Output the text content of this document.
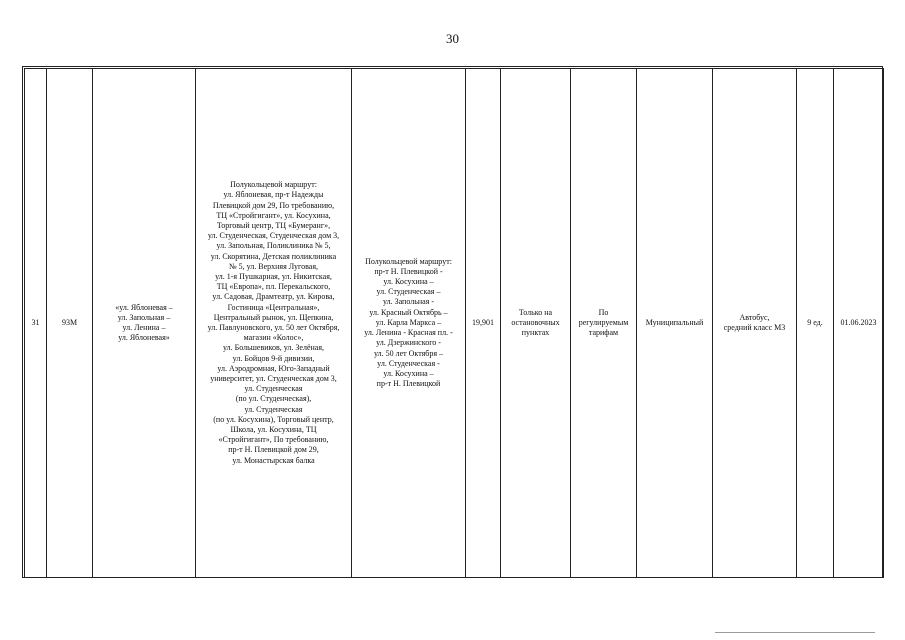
30
31	93М	«ул. Яблоневая –
ул. Запольная –
ул. Ленина –
ул. Яблоневая»	Полукольцевой маршрут:
ул. Яблоневая, пр-т Надежды
Плевицкой дом 29, По требованию,
ТЦ «Стройгигант», ул. Косухина,
Торговый центр, ТЦ «Бумеранг»,
ул. Студенческая, Студенческая дом 3,
ул. Запольная, Поликлиника № 5,
ул. Скорятина, Детская поликлиника
№ 5, ул. Верхняя Луговая,
ул. 1-я Пушкарная, ул. Никитская,
ТЦ «Европа», пл. Перекальского,
ул. Садовая, Драмтеатр, ул. Кирова,
Гостиница «Центральная»,
Центральный рынок, ул. Щепкина,
ул. Павлуновского, ул. 50 лет Октября,
магазин «Колос»,
ул. Большевиков, ул. Зелёная,
ул. Бойцов 9-й дивизии,
ул. Аэродромная, Юго-Западный
университет, ул. Студенческая дом 3,
ул. Студенческая
(по ул. Студенческая),
ул. Студенческая
(по ул. Косухина), Торговый центр,
Школа, ул. Косухина, ТЦ
«Стройгигант», По требованию,
пр-т Н. Плевицкой дом 29,
ул. Монастырская балка	Полукольцевой маршрут:
пр-т Н. Плевицкой -
ул. Косухина –
ул. Студенческая –
ул. Запольная -
ул. Красный Октябрь –
ул. Карла Маркса –
ул. Ленина - Красная пл. -
ул. Дзержинского -
ул. 50 лет Октября –
ул. Студенческая -
ул. Косухина –
пр-т Н. Плевицкой	19,901	Только на
остановочных
пунктах	По
регулируемым
тарифам	Муниципальный	Автобус,
средний класс М3	9 ед.	01.06.2023
